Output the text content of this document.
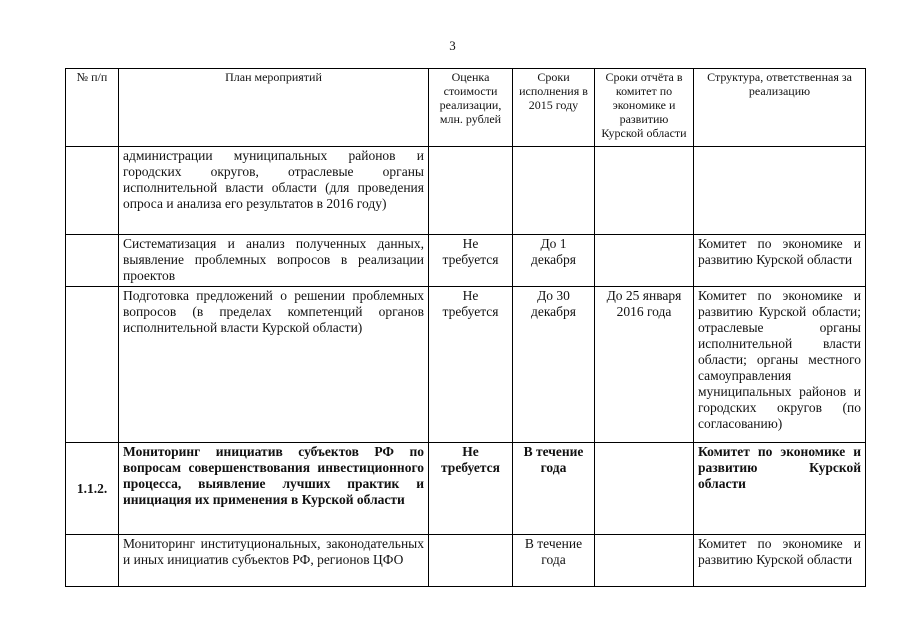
3
№ п/п	План мероприятий	Оценка стоимости реализации, млн. рублей	Сроки исполнения в 2015 году	Сроки отчёта в комитет по экономике и развитию Курской области	Структура, ответственная за реализацию
	администрации муниципальных районов и городских округов, отраслевые органы исполнительной власти области (для проведения опроса и анализа его результатов в 2016 году)				
	Систематизация и анализ полученных данных, выявление проблемных вопросов в реализации проектов	Не требуется	До 1 декабря		Комитет по экономике и развитию Курской области
	Подготовка предложений о решении проблемных вопросов (в пределах компетенций органов исполнительной власти Курской области)	Не требуется	До 30 декабря	До 25 января 2016 года	Комитет по экономике и развитию Курской области; отраслевые органы исполнительной власти области; органы местного самоуправления муниципальных районов и городских округов (по согласованию)
1.1.2.	Мониторинг инициатив субъектов РФ по вопросам совершенствования инвестиционного процесса, выявление лучших практик и инициация их применения в Курской области	Не требуется	В течение года		Комитет по экономике и развитию Курской области
	Мониторинг институциональных, законодательных и иных инициатив субъектов РФ, регионов ЦФО		В течение года		Комитет по экономике и развитию Курской области
